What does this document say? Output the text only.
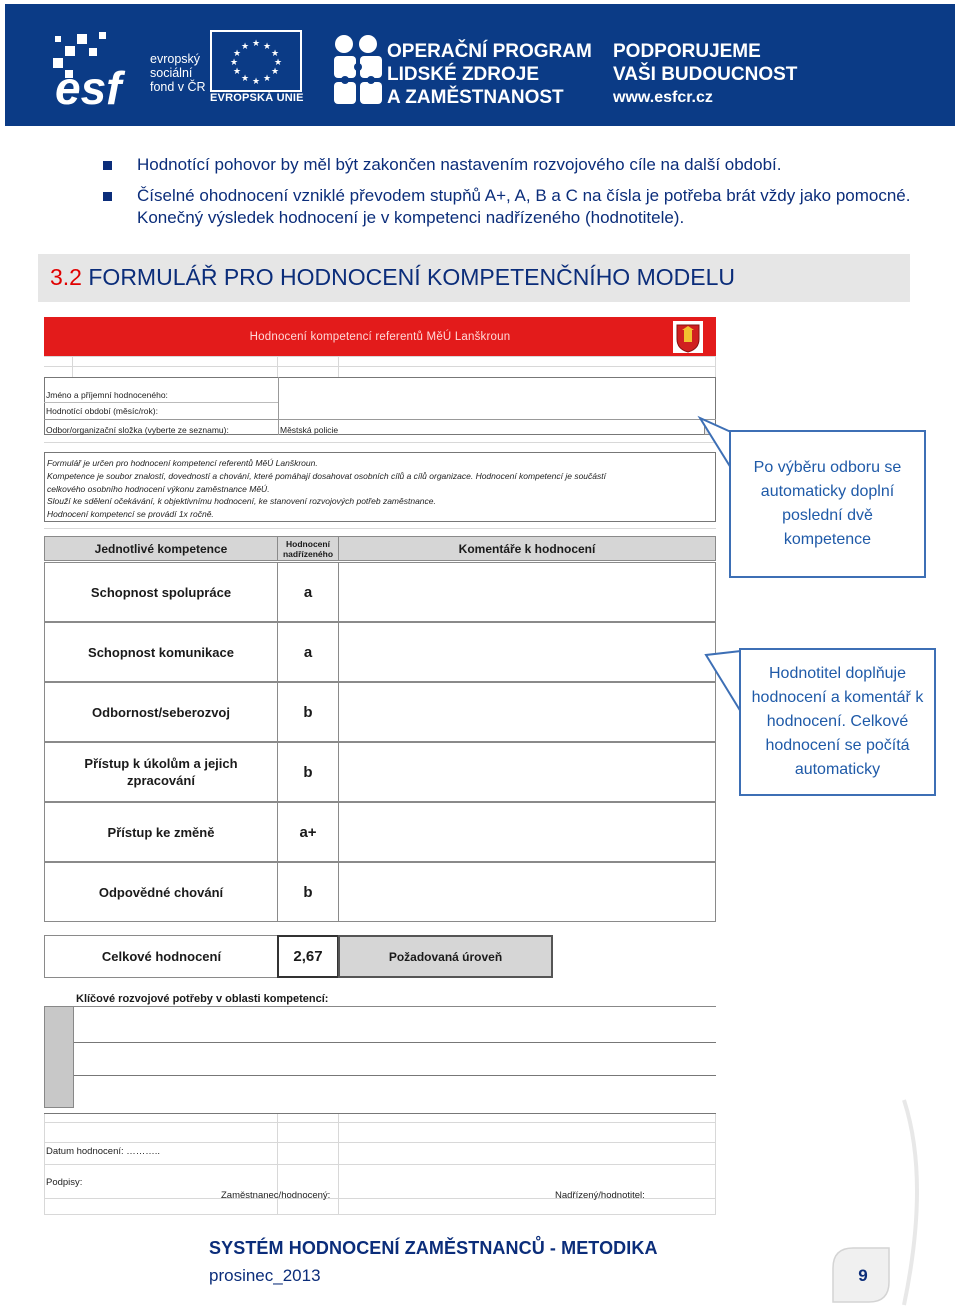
esf
evropský
sociální
fond v ČR
★ ★
★
★
★
★
★
★
★
★
★
★
EVROPSKÁ UNIE
OPERAČNÍ PROGRAM
LIDSKÉ ZDROJE
A ZAMĚSTNANOST
PODPORUJEME
VAŠI BUDOUCNOST
www.esfcr.cz
Hodnotící pohovor by měl být zakončen nastavením rozvojového cíle na další období.
Číselné ohodnocení vzniklé převodem stupňů A+, A, B a C na čísla je potřeba brát vždy jako pomocné. Konečný výsledek hodnocení je v kompetenci nadřízeného (hodnotitele).
3.2 FORMULÁŘ PRO HODNOCENÍ KOMPETENČNÍHO MODELU
Hodnocení kompetencí referentů MěÚ Lanškroun
Jméno a příjemní hodnoceného:
Hodnotící období (měsíc/rok):
Odbor/organizační složka (vyberte ze seznamu):	Městská policie
Formulář je určen pro hodnocení kompetencí referentů MěÚ Lanškroun.
Kompetence je soubor znalostí, dovedností a chování, které pomáhají dosahovat osobních cílů a cílů organizace. Hodnocení kompetencí je součástí
celkového osobního hodnocení výkonu zaměstnance MěÚ.
Slouží ke sdělení očekávání, k objektivnímu hodnocení, ke stanovení rozvojových potřeb zaměstnance.
Hodnocení kompetencí se provádí 1x ročně.
Jednotlivé kompetence	Hodnocení nadřízeného	Komentáře k hodnocení
Schopnost spolupráce	a
Schopnost komunikace	a
Odbornost/seberozvoj	b
Přístup k úkolům a jejich zpracování	b
Přístup ke změně	a+
Odpovědné chování	b
Celkové hodnocení	2,67	Požadovaná úroveň
Klíčové rozvojové potřeby v oblasti kompetencí:
Datum hodnocení: ………..
Podpisy:
Zaměstnanec/hodnocený:	Nadřízený/hodnotitel:
Po výběru odboru se automaticky doplní poslední dvě kompetence
Hodnotitel doplňuje hodnocení a komentář k hodnocení. Celkové hodnocení se počítá automaticky
SYSTÉM HODNOCENÍ ZAMĚSTNANCŮ - METODIKA
prosinec_2013	9
